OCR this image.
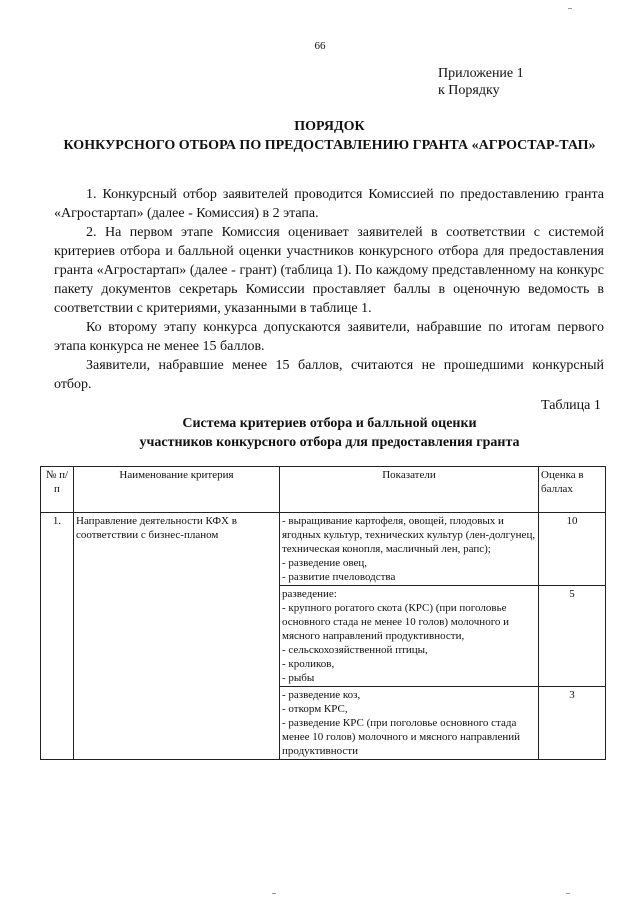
66
Приложение 1
к Порядку
ПОРЯДОК
КОНКУРСНОГО ОТБОРА ПО ПРЕДОСТАВЛЕНИЮ ГРАНТА «АГРОСТАР-ТАП»

1. Конкурсный отбор заявителей проводится Комиссией по предоставлению гранта «Агростартап» (далее - Комиссия) в 2 этапа.

2. На первом этапе Комиссия оценивает заявителей в соответствии с системой критериев отбора и балльной оценки участников конкурсного отбора для предоставления гранта «Агростартап» (далее - грант) (таблица 1). По каждому представленному на конкурс пакету документов секретарь Комиссии проставляет баллы в оценочную ведомость в соответствии с критериями, указанными в таблице 1.

Ко второму этапу конкурса допускаются заявители, набравшие по итогам первого этапа конкурса не менее 15 баллов.

Заявители, набравшие менее 15 баллов, считаются не прошедшими конкурсный отбор.

Таблица 1
Система критериев отбора и балльной оценки
участников конкурсного отбора для предоставления гранта
№ п/п	Наименование критерия	Показатели	Оценка в баллах
1.	Направление деятельности КФХ в соответствии с бизнес-планом	- выращивание картофеля, овощей, плодовых и ягодных культур, технических культур (лен-долгунец, техническая конопля, масличный лен, рапс);
- разведение овец,
- развитие пчеловодства	10
		разведение:
- крупного рогатого скота (КРС) (при поголовье основного стада не менее 10 голов) молочного и мясного направлений продуктивности,
- сельскохозяйственной птицы,
- кроликов,
- рыбы	5
		- разведение коз,
- откорм КРС,
- разведение КРС (при поголовье основного стада менее 10 голов) молочного и мясного направлений продуктивности	3
